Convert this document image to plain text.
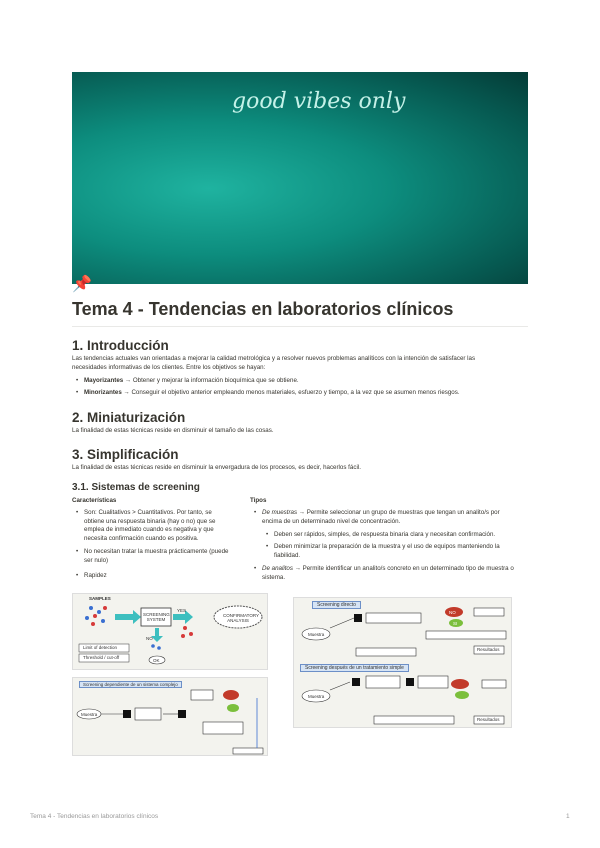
good vibes only
📌
Tema 4 - Tendencias en laboratorios clínicos
1. Introducción
Las tendencias actuales van orientadas a mejorar la calidad metrológica y a resolver nuevos problemas analíticos con la intención de satisfacer las
necesidades informativas de los clientes. Entre los objetivos se hayan:
• Mayorizantes → Obtener y mejorar la información bioquímica que se obtiene.
• Minorizantes → Conseguir el objetivo anterior empleando menos materiales, esfuerzo y tiempo, a la vez que se asumen menos riesgos.
2. Miniaturización
La finalidad de estas técnicas reside en disminuir el tamaño de las cosas.
3. Simplificación
La finalidad de estas técnicas reside en disminuir la envergadura de los procesos, es decir, hacerlos fácil.
3.1. Sistemas de screening
Características
• Son: Cualitativos > Cuantitativos. Por tanto, se
obtiene una respuesta binaria (hay o no) que se
emplea de inmediato cuando es negativa y que
necesita confirmación cuando es positiva.
• No necesitan tratar la muestra prácticamente (puede
ser nulo)
• Rapidez
Tipos
• De muestras → Permite seleccionar un grupo de muestras que tengan un analito/s por
encima de un determinado nivel de concentración.
• Deben ser rápidos, simples, de respuesta binaria clara y necesitan confirmación.
• Deben minimizar la preparación de la muestra y el uso de equipos manteniendo la
fiabilidad.
• De analitos → Permite identificar un analito/s concreto en un determinado tipo de muestra o
sistema.
SAMPLES
SCREENING SYSTEM
YES
CONFIRMATORY ANALYSIS
NO
Limit of detection
Threshold / cut-off
OK
Screening dependiente de un sistema complejo
Muestra
Screening directo
Screening después de un tratamiento simple
Muestra
Muestra
NO
SI
Resultados
Resultados
Tema 4 - Tendencias en laboratorios clínicos	1
